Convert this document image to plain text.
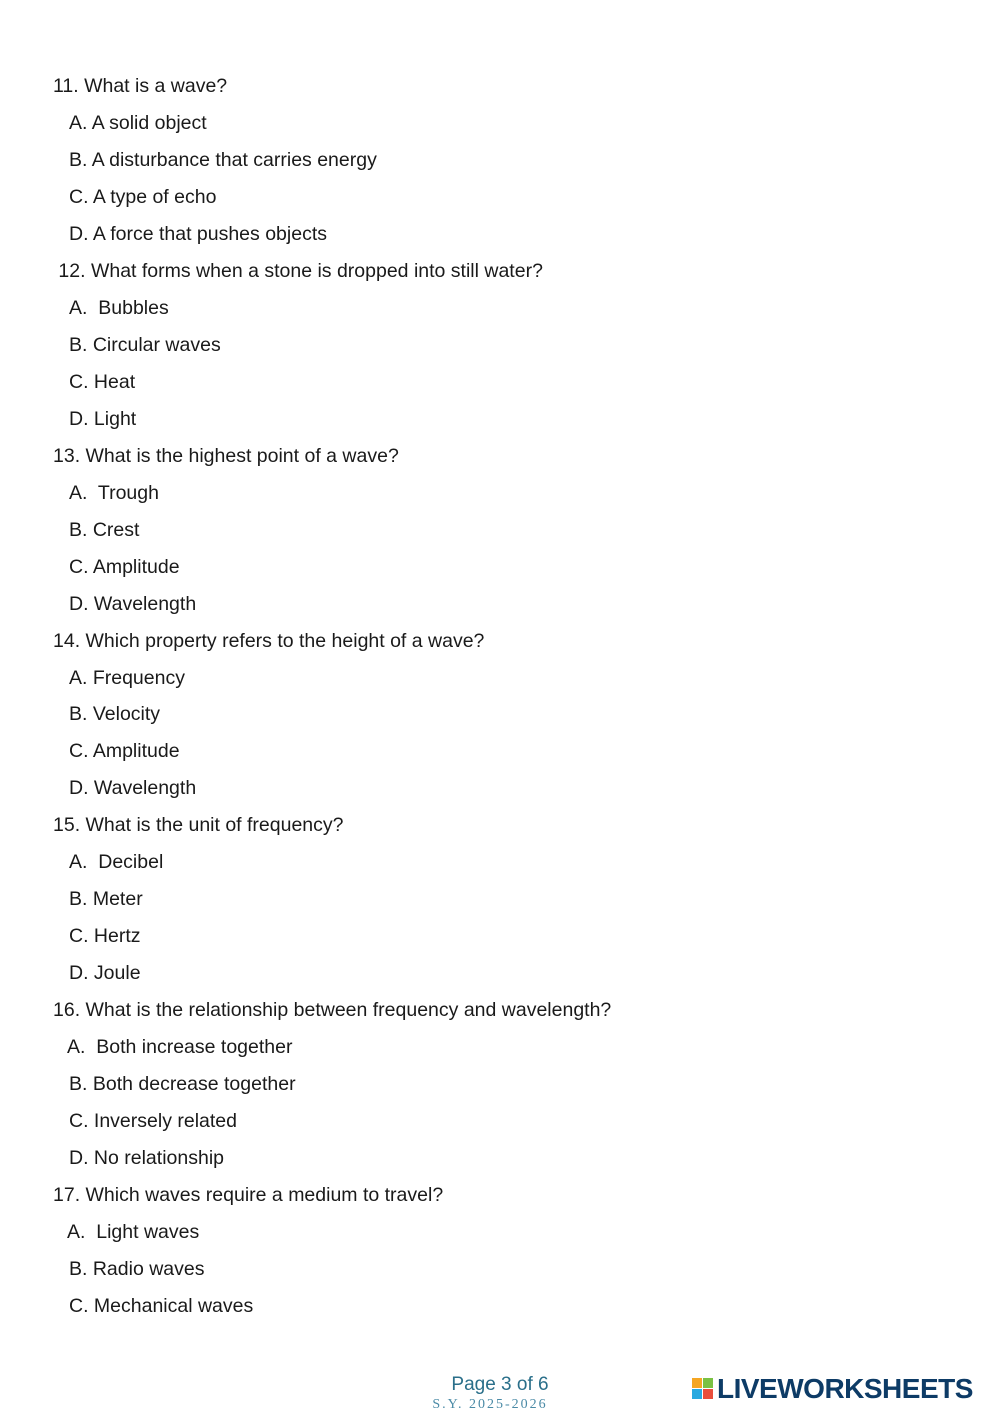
11. What is a wave?
A. A solid object
B. A disturbance that carries energy
C. A type of echo
D. A force that pushes objects
12. What forms when a stone is dropped into still water?
A.  Bubbles
B. Circular waves
C. Heat
D. Light
13. What is the highest point of a wave?
A.  Trough
B. Crest
C. Amplitude
D. Wavelength
14. Which property refers to the height of a wave?
A. Frequency
B. Velocity
C. Amplitude
D. Wavelength
15. What is the unit of frequency?
A.  Decibel
B. Meter
C. Hertz
D. Joule
16. What is the relationship between frequency and wavelength?
A.  Both increase together
B. Both decrease together
C. Inversely related
D. No relationship
17. Which waves require a medium to travel?
A.  Light waves
B. Radio waves
C. Mechanical waves
Page 3 of 6
S.Y. 2025-2026
LIVEWORKSHEETS
